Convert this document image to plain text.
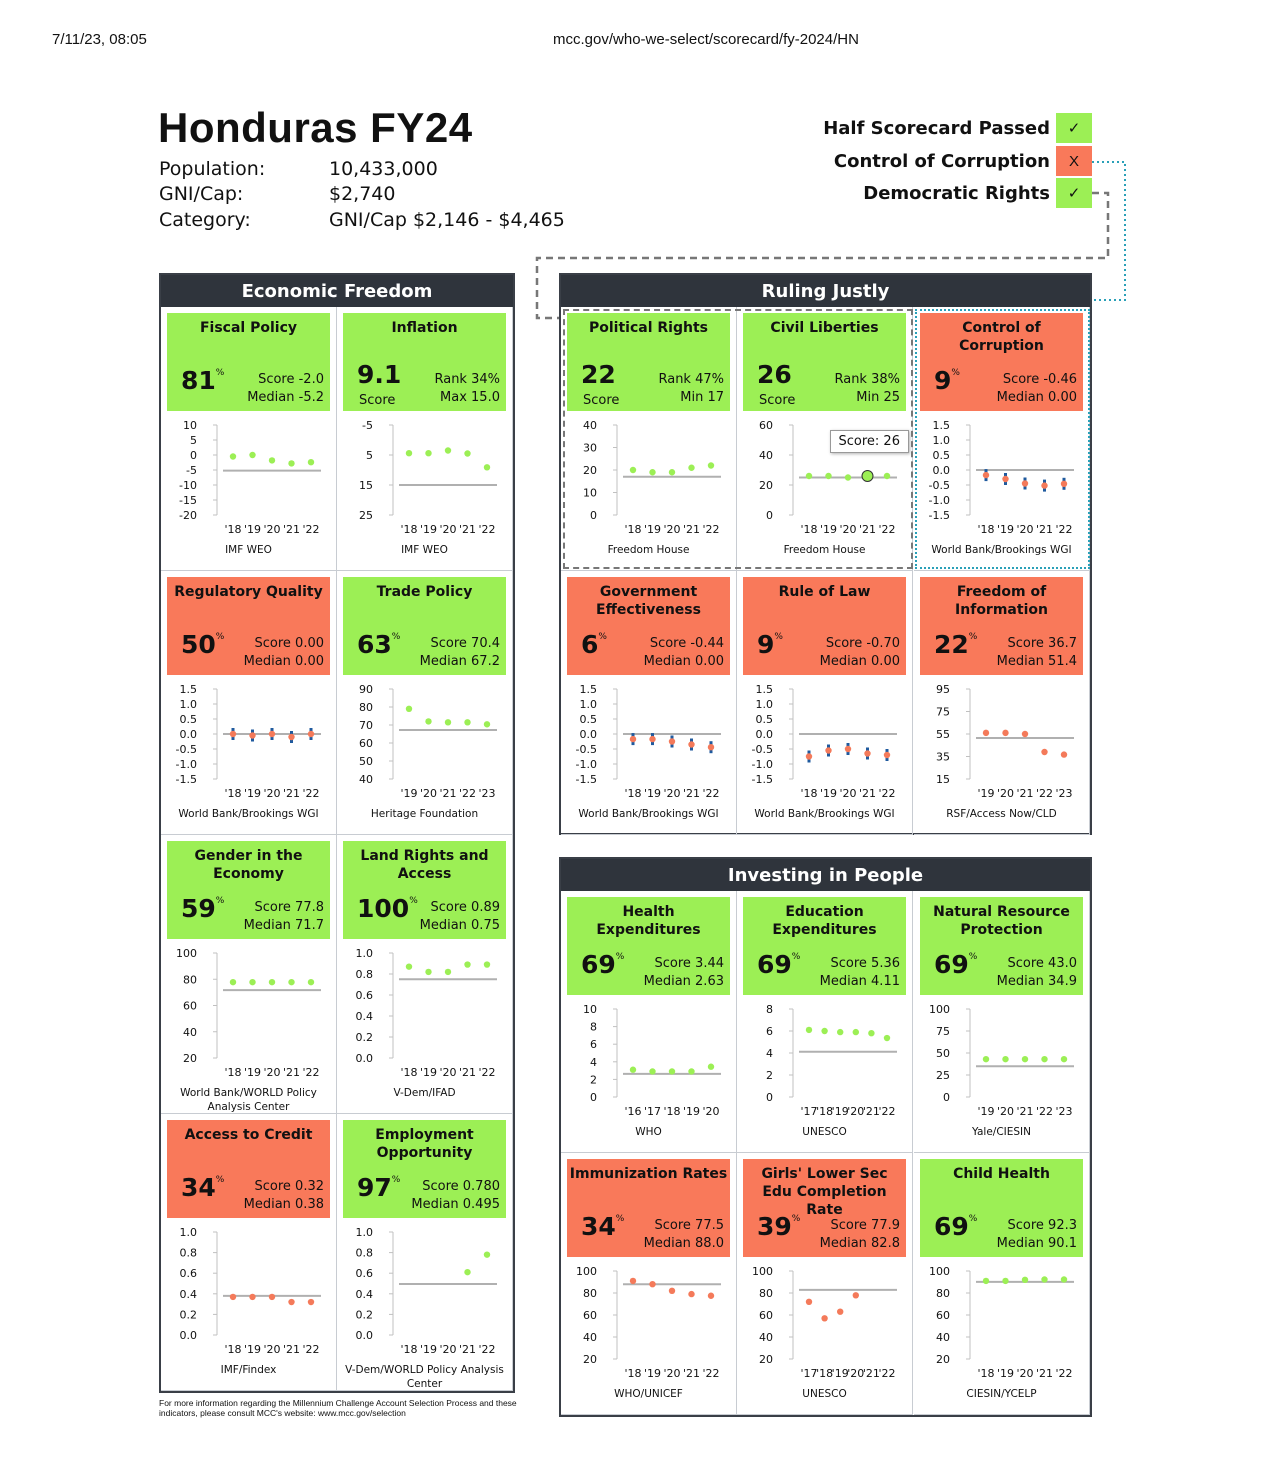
7/11/23, 08:05	mcc.gov/who-we-select/scorecard/fy-2024/HN
Honduras FY24
Population:	10,433,000
GNI/Cap:	$2,740
Category:	GNI/Cap $2,146 - $4,465
Half Scorecard Passed	✓
Control of Corruption	X
Democratic Rights	✓
Economic Freedom
Fiscal Policy
81%	Score -2.0
Median -5.2
10
5
0
-5
-10
-15
-20
'18 '19 '20 '21 '22
IMF WEO
Inflation
9.1
Score
Rank 34%
Max 15.0
-5
5
15
25
'18 '19 '20 '21 '22
IMF WEO
Regulatory Quality
50% Score 0.00
Median 0.00
1.5
1.0
0.5
0.0
-0.5
-1.0
-1.5
'18 '19 '20 '21 '22
World Bank/Brookings WGI
Trade Policy
63% Score 70.4
Median 67.2
90
80
70
60
50
40
'19 '20 '21 '22 '23
Heritage Foundation
Gender in the Economy
59% Score 77.8
Median 71.7
100
80
60
40
20
'18 '19 '20 '21 '22
World Bank/WORLD Policy Analysis Center
Land Rights and Access
100% Score 0.89
Median 0.75
1.0
0.8
0.6
0.4
0.2
0.0
'18 '19 '20 '21 '22
V-Dem/IFAD
Access to Credit
34% Score 0.32
Median 0.38
1.0
0.8
0.6
0.4
0.2
0.0
'18 '19 '20 '21 '22
IMF/Findex
Employment Opportunity
97% Score 0.780
Median 0.495
1.0
0.8
0.6
0.4
0.2
0.0
'18 '19 '20 '21 '22
V-Dem/WORLD Policy Analysis Center
Ruling Justly
Political Rights
22
Score
Rank 47%
Min 17
40
30
20
10
0
'18 '19 '20 '21 '22
Freedom House
Civil Liberties
26
Score
Rank 38%
Min 25
60
40
20
0
'18 '19 '20 '21 '22
Freedom House
Score: 26
Control of Corruption
9%	Score -0.46
Median 0.00
1.5
1.0
0.5
0.0
-0.5
-1.0
-1.5
'18 '19 '20 '21 '22
World Bank/Brookings WGI
Government Effectiveness
6%	Score -0.44
Median 0.00
1.5
1.0
0.5
0.0
-0.5
-1.0
-1.5
'18 '19 '20 '21 '22
World Bank/Brookings WGI
Rule of Law
9%	Score -0.70
Median 0.00
1.5
1.0
0.5
0.0
-0.5
-1.0
-1.5
'18 '19 '20 '21 '22
World Bank/Brookings WGI
Freedom of Information
22% Score 36.7
Median 51.4
95
75
55
35
15
'19 '20 '21 '22 '23
RSF/Access Now/CLD
Investing in People
Health Expenditures
69% Score 3.44
Median 2.63
10
8
6
4
2
0
'16 '17 '18 '19 '20
WHO
Education Expenditures
69% Score 5.36
Median 4.11
8
6
4
2
0
'17
'18
'19
'20
'21
'22
UNESCO
Natural Resource Protection
69% Score 43.0
Median 34.9
100
75
50
25
0
'19 '20 '21 '22 '23
Yale/CIESIN
Immunization Rates
34% Score 77.5
Median 88.0
100
80
60
40
20
'18 '19 '20 '21 '22
WHO/UNICEF
Girls' Lower Sec Edu Completion Rate
39% Score 77.9
Median 82.8
100
80
60
40
20
'17
'18
'19
'20
'21
'22
UNESCO
Child Health
69% Score 92.3
Median 90.1
100
80
60
40
20
'18 '19 '20 '21 '22
CIESIN/YCELP
For more information regarding the Millennium Challenge Account Selection Process and these indicators, please consult MCC's website: www.mcc.gov/selection
